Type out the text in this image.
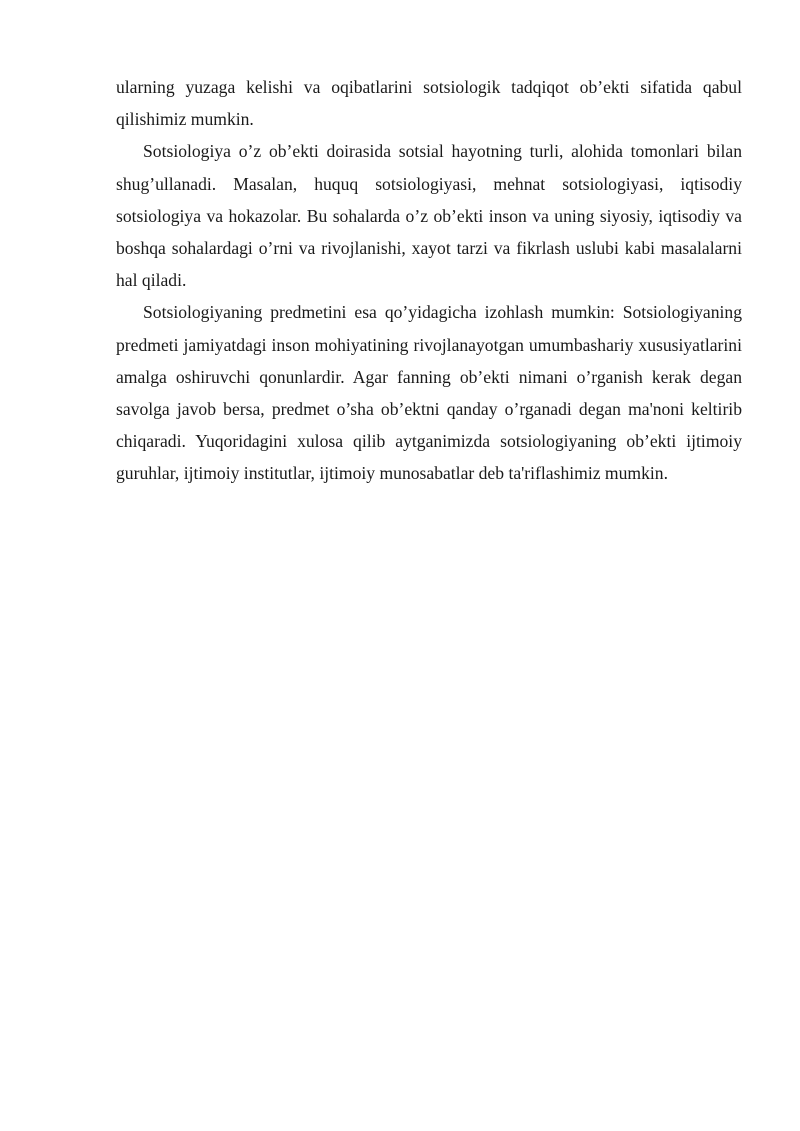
ularning yuzaga kelishi va oqibatlarini sotsiologik tadqiqot ob’ekti sifatida qabul qilishimiz mumkin.

Sotsiologiya o’z ob’ekti doirasida sotsial hayotning turli, alohida tomonlari bilan shug’ullanadi. Masalan, huquq sotsiologiyasi, mehnat sotsiologiyasi, iqtisodiy sotsiologiya va hokazolar. Bu sohalarda o’z ob’ekti inson va uning siyosiy, iqtisodiy va boshqa sohalardagi o’rni va rivojlanishi, xayot tarzi va fikrlash uslubi kabi masalalarni hal qiladi.

Sotsiologiyaning predmetini esa qo’yidagicha izohlash mumkin: Sotsiologiyaning predmeti jamiyatdagi inson mohiyatining rivojlanayotgan umumbashariy xususiyatlarini amalga oshiruvchi qonunlardir. Agar fanning ob’ekti nimani o’rganish kerak degan savolga javob bersa, predmet o’sha ob’ektni qanday o’rganadi degan ma'noni keltirib chiqaradi. Yuqoridagini xulosa qilib aytganimizda sotsiologiyaning ob’ekti ijtimoiy guruhlar, ijtimoiy institutlar, ijtimoiy munosabatlar deb ta'riflashimiz mumkin.
